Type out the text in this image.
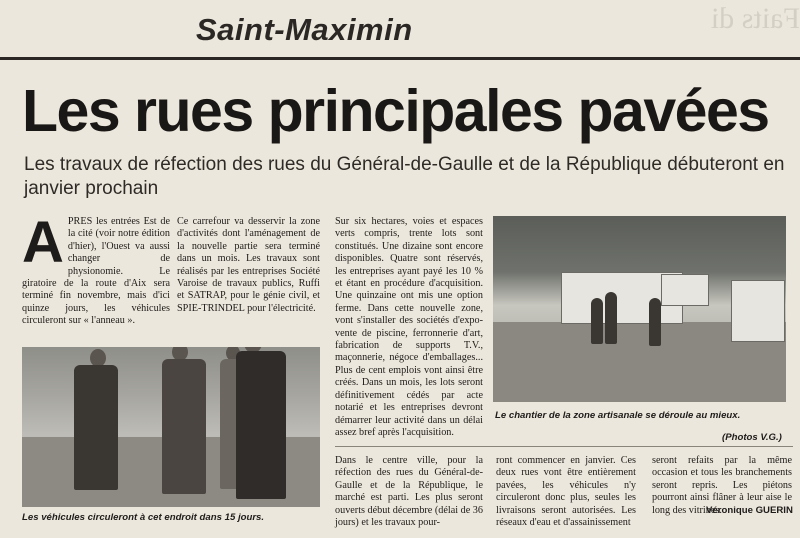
Faits di
Saint-Maximin
Les rues principales pavées
Les travaux de réfection des rues du Général-de-Gaulle et de la République débuteront en janvier prochain
A PRES les entrées Est de la cité (voir notre édition d'hier), l'Ouest va aussi changer de physionomie. Le giratoire de la route d'Aix sera terminé fin novembre, mais d'ici quinze jours, les véhicules circuleront sur « l'anneau ».
Ce carrefour va desservir la zone d'activités dont l'aménagement de la nouvelle partie sera terminé dans un mois. Les travaux sont réalisés par les entreprises Société Varoise de travaux publics, Ruffi et SATRAP, pour le génie civil, et SPIE-TRINDEL pour l'électricité.
Sur six hectares, voies et espaces verts compris, trente lots sont constitués. Une dizaine sont encore disponibles. Quatre sont réservés, les entreprises ayant payé les 10 % et étant en procédure d'acquisition. Une quinzaine ont mis une option ferme. Dans cette nouvelle zone, vont s'installer des sociétés d'expo-vente de piscine, ferronnerie d'art, fabrication de supports T.V., maçonnerie, négoce d'emballages... Plus de cent emplois vont ainsi être créés. Dans un mois, les lots seront définitivement cédés par acte notarié et les entreprises devront démarrer leur activité dans un délai assez bref après l'acquisition.
Les véhicules circuleront à cet endroit dans 15 jours.
Le chantier de la zone artisanale se déroule au mieux.
(Photos V.G.)
Dans le centre ville, pour la réfection des rues du Général-de-Gaulle et de la République, le marché est parti. Les plus seront ouverts début décembre (délai de 36 jours) et les travaux pour-
ront commencer en janvier. Ces deux rues vont être entièrement pavées, les véhicules n'y circuleront donc plus, seules les livraisons seront autorisées. Les réseaux d'eau et d'assainissement
seront refaits par la même occasion et tous les branchements seront repris. Les piétons pourront ainsi flâner à leur aise le long des vitrines.
Véronique GUERIN
